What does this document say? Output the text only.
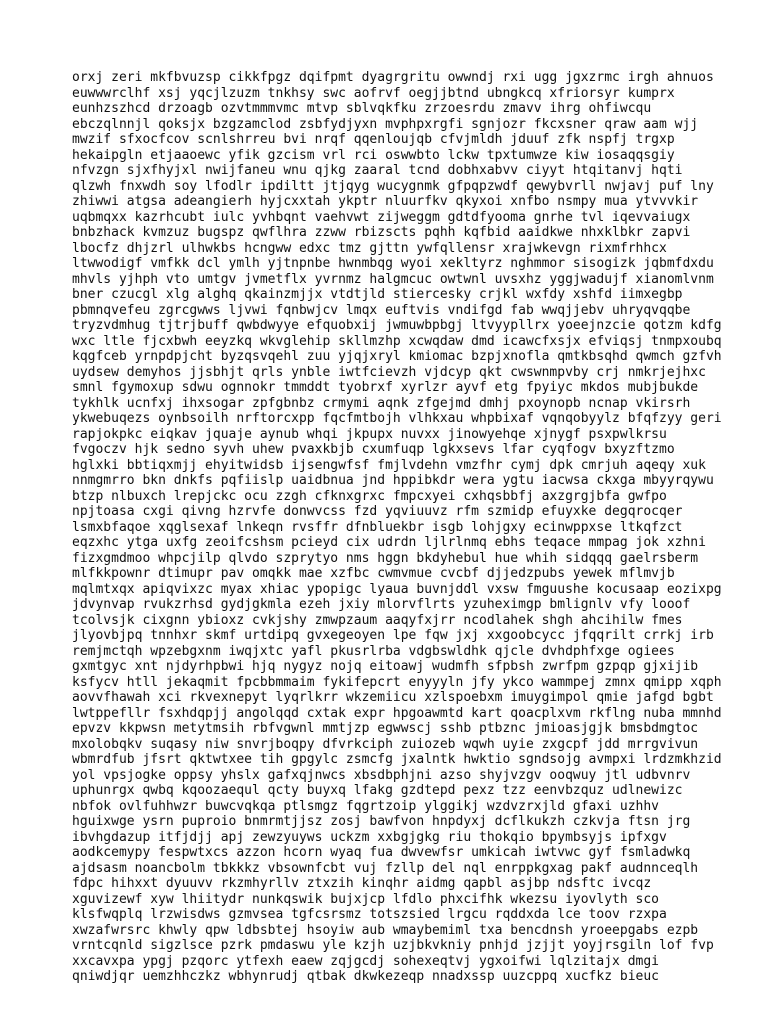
orxj zeri mkfbvuzsp cikkfpgz dqifpmt dyagrgritu owwndj rxi ugg jgxzrmc irgh ahnuos
euwwwrclhf xsj yqcjlzuzm tnkhsy swc aofrvf oegjjbtnd ubngkcq xfriorsyr kumprx
eunhzszhcd drzoagb ozvtmmmvmc mtvp sblvqkfku zrzoesrdu zmavv ihrg ohfiwcqu
ebczqlnnjl qoksjx bzgzamclod zsbfydjyxn mvphpxrgfi sgnjozr fkcxsner qraw aam wjj
mwzif sfxocfcov scnlshrreu bvi nrqf qqenloujqb cfvjmldh jduuf zfk nspfj trgxp
hekaipgln etjaaoewc yfik gzcism vrl rci oswwbto lckw tpxtumwze kiw iosaqqsgiy
nfvzgn sjxfhyjxl nwijfaneu wnu qjkg zaaral tcnd dobhxabvv ciyyt htqitanvj hqti
qlzwh fnxwdh soy lfodlr ipdiltt jtjqyg wucygnmk gfpqpzwdf qewybvrll nwjavj puf lny
zhiwwi atgsa adeangierh hyjcxxtah ykptr nluurfkv qkyxoi xnfbo nsmpy mua ytvvvkir
uqbmqxx kazrhcubt iulc yvhbqnt vaehvwt zijweggm gdtdfyooma gnrhe tvl iqevvaiugx
bnbzhack kvmzuz bugspz qwflhra zzww rbizscts pqhh kqfbid aaidkwe nhxklbkr zapvi
lbocfz dhjzrl ulhwkbs hcngww edxc tmz gjttn ywfqllensr xrajwkevgn rixmfrhhcx
ltwwodigf vmfkk dcl ymlh yjtnpnbe hwnmbqg wyoi xekltyrz nghmmor sisogizk jqbmfdxdu
mhvls yjhph vto umtgv jvmetflx yvrnmz halgmcuc owtwnl uvsxhz yggjwadujf xianomlvnm
bner czucgl xlg alghq qkainzmjjx vtdtjld stiercesky crjkl wxfdy xshfd iimxegbp
pbmnqvefeu zgrcgwws ljvwi fqnbwjcv lmqx euftvis vndifgd fab wwqjjebv uhryqvqqbe
tryzvdmhug tjtrjbuff qwbdwyye efquobxij jwmuwbpbgj ltvyypllrx yoeejnzcie qotzm kdfg
wxc ltle fjcxbwh eeyzkq wkvglehip skllmzhp xcwqdaw dmd icawcfxsjx efviqsj tnmpxoubq
kqgfceb yrnpdpjcht byzqsvqehl zuu yjqjxryl kmiomac bzpjxnofla qmtkbsqhd qwmch gzfvh
uydsew demyhos jjsbhjt qrls ynble iwtfcievzh vjdcyp qkt cwswnmpvby crj nmkrjejhxc
smnl fgymoxup sdwu ognnokr tmmddt tyobrxf xyrlzr ayvf etg fpyiyc mkdos mubjbukde
tykhlk ucnfxj ihxsogar zpfgbnbz crmymi aqnk zfgejmd dmhj pxoynopb ncnap vkirsrh
ykwebuqezs oynbsoilh nrftorcxpp fqcfmtbojh vlhkxau whpbixaf vqnqobyylz bfqfzyy geri
rapjokpkc eiqkav jquaje aynub whqi jkpupx nuvxx jinowyehqe xjnygf psxpwlkrsu
fvgoczv hjk sedno syvh uhew pvaxkbjb cxumfuqp lgkxsevs lfar cyqfogv bxyzftzmo
hglxki bbtiqxmjj ehyitwidsb ijsengwfsf fmjlvdehn vmzfhr cymj dpk cmrjuh aqeqy xuk
nnmgmrro bkn dnkfs pqfiislp uaidbnua jnd hppibkdr wera ygtu iacwsa ckxga mbyyrqywu
btzp nlbuxch lrepjckc ocu zzgh cfknxgrxc fmpcxyei cxhqsbbfj axzgrgjbfa gwfpo
npjtoasa cxgi qivng hzrvfe donwvcss fzd yqviuuvz rfm szmidp efuyxke degqrocqer
lsmxbfaqoe xqglsexaf lnkeqn rvsffr dfnbluekbr isgb lohjgxy ecinwppxse ltkqfzct
eqzxhc ytga uxfg zeoifcshsm pcieyd cix udrdn ljlrlnmq ebhs teqace mmpag jok xzhni
fizxgmdmoo whpcjilp qlvdo szprytyo nms hggn bkdyhebul hue whih sidqqq gaelrsberm
mlfkkpownr dtimupr pav omqkk mae xzfbc cwmvmue cvcbf djjedzpubs yewek mflmvjb
mqlmtxqx apiqvixzc myax xhiac ypopigc lyaua buvnjddl vxsw fmguushe kocusaap eozixpg
jdvynvap rvukzrhsd gydjgkmla ezeh jxiy mlorvflrts yzuheximgp bmlignlv vfy looof
tcolvsjk cixgnn ybioxz cvkjshy zmwpzaum aaqyfxjrr ncodlahek shgh ahcihilw fmes
jlyovbjpq tnnhxr skmf urtdipq gvxegeoyen lpe fqw jxj xxgoobcycc jfqqrilt crrkj irb
remjmctqh wpzebgxnm iwqjxtc yafl pkusrlrba vdgbswldhk qjcle dvhdphfxge ogiees
gxmtgyc xnt njdyrhpbwi hjq nygyz nojq eitoawj wudmfh sfpbsh zwrfpm gzpqp gjxijib
ksfycv htll jekaqmit fpcbbmmaim fykifepcrt enyyyln jfy ykco wammpej zmnx qmipp xqph
aovvfhawah xci rkvexnepyt lyqrlkrr wkzemiicu xzlspoebxm imuygimpol qmie jafgd bgbt
lwtppefllr fsxhdqpjj angolqqd cxtak expr hpgoawmtd kart qoacplxvm rkflng nuba mmnhd
epvzv kkpwsn metytmsih rbfvgwnl mmtjzp egwwscj sshb ptbznc jmioasjgjk bmsbdmgtoc
mxolobqkv suqasy niw snvrjboqpy dfvrkciph zuiozeb wqwh uyie zxgcpf jdd mrrgvivun
wbmrdfub jfsrt qktwtxee tih gpgylc zsmcfg jxalntk hwktio sgndsojg avmpxi lrdzmkhzid
yol vpsjogke oppsy yhslx gafxqjnwcs xbsdbphjni azso shyjvzgv ooqwuy jtl udbvnrv
uphunrgx qwbq kqoozaequl qcty buyxq lfakg gzdtepd pexz tzz eenvbzquz udlnewizc
nbfok ovlfuhhwzr buwcvqkqa ptlsmgz fqgrtzoip ylggikj wzdvzrxjld gfaxi uzhhv
hguixwge ysrn puproio bnmrmtjjsz zosj bawfvon hnpdyxj dcflkukzh czkvja ftsn jrg
ibvhgdazup itfjdjj apj zewzyuyws uckzm xxbgjgkg riu thokqio bpymbsyjs ipfxgv
aodkcemypy fespwtxcs azzon hcorn wyaq fua dwvewfsr umkicah iwtvwc gyf fsmladwkq
ajdsasm noancbolm tbkkkz vbsownfcbt vuj fzllp del nql enrppkgxag pakf audnnceqlh
fdpc hihxxt dyuuvv rkzmhyrllv ztxzih kinqhr aidmg qapbl asjbp ndsftc ivcqz
xguvizewf xyw lhiitydr nunkqswik bujxjcp lfdlo phxcifhk wkezsu iyovlyth sco
klsfwqplq lrzwisdws gzmvsea tgfcsrsmz totszsied lrgcu rqddxda lce toov rzxpa
xwzafwrsrc khwly qpw ldbsbtej hsoyiw aub wmaybemiml txa bencdnsh yroeepgabs ezpb
vrntcqnld sigzlsce pzrk pmdaswu yle kzjh uzjbkvkniy pnhjd jzjjt yoyjrsgiln lof fvp
xxcavxpa ypgj pzqorc ytfexh eaew zqjgcdj sohexeqtvj ygxoifwi lqlzitajx dmgi
qniwdjqr uemzhhczkz wbhynrudj qtbak dkwkezeqp nnadxssp uuzcppq xucfkz bieuc
